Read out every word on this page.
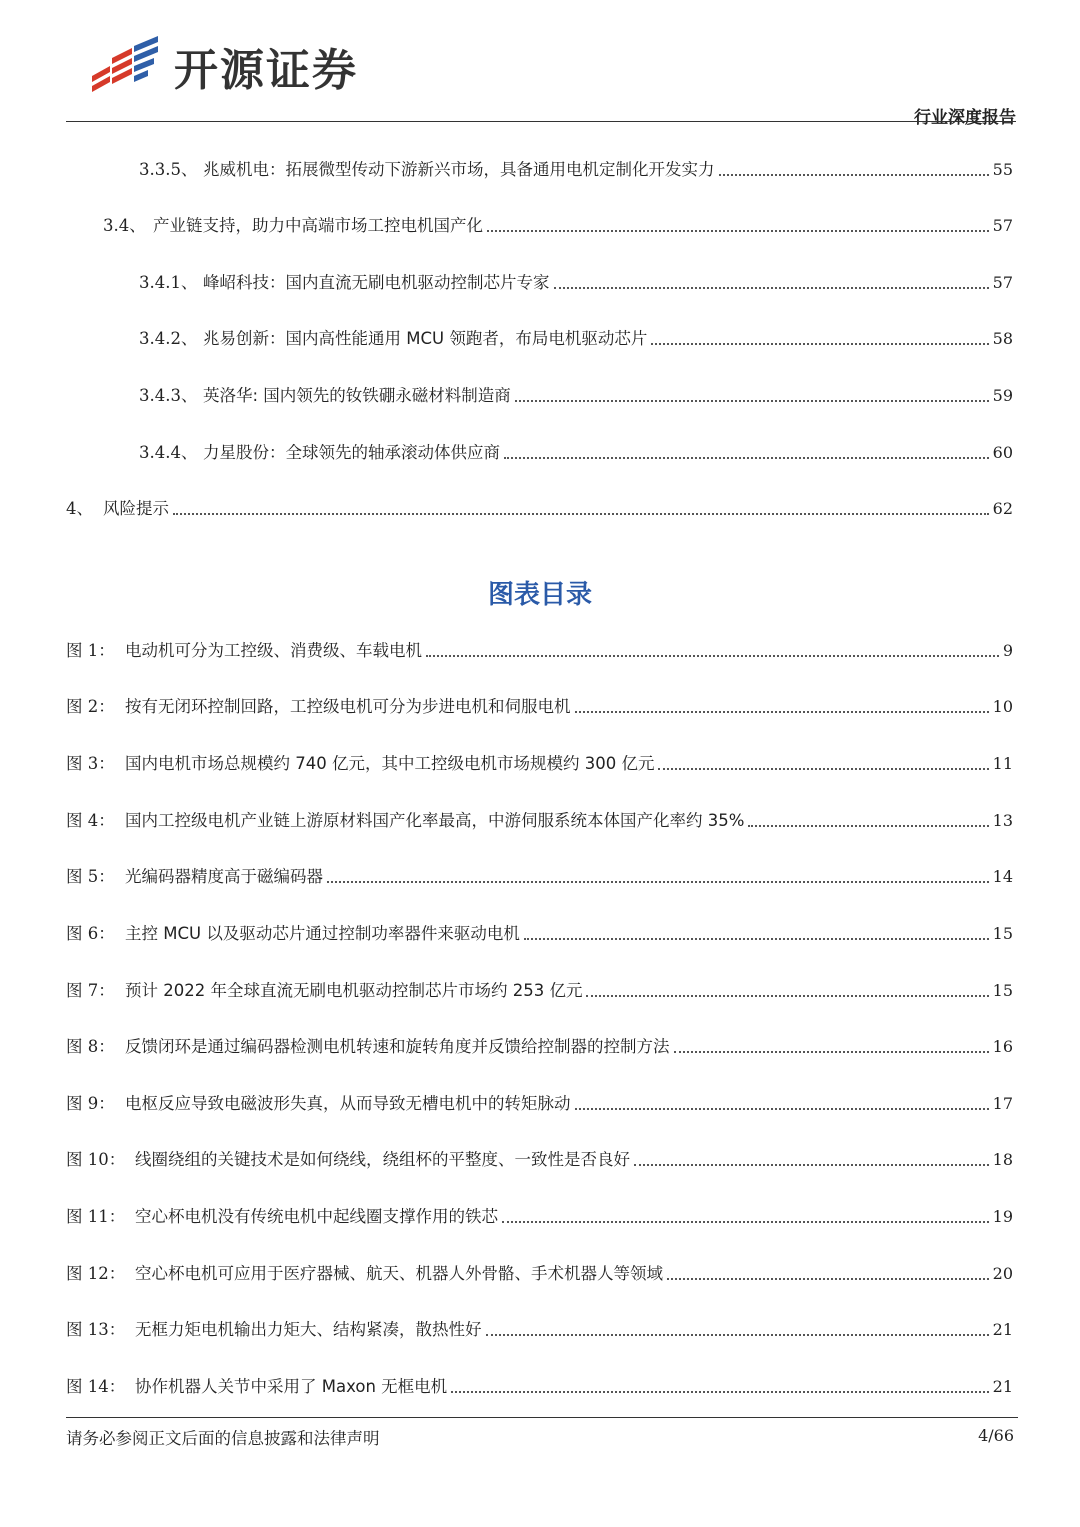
开源证券
行业深度报告
3.3.5、 兆威机电：拓展微型传动下游新兴市场，具备通用电机定制化开发实力	55
3.4、 产业链支持，助力中高端市场工控电机国产化	57
3.4.1、 峰岹科技：国内直流无刷电机驱动控制芯片专家	57
3.4.2、 兆易创新：国内高性能通用 MCU 领跑者，布局电机驱动芯片	58
3.4.3、 英洛华: 国内领先的钕铁硼永磁材料制造商	59
3.4.4、 力星股份：全球领先的轴承滚动体供应商	60
4、 风险提示	62
图表目录
图 1： 电动机可分为工控级、消费级、车载电机	9
图 2： 按有无闭环控制回路，工控级电机可分为步进电机和伺服电机	10
图 3： 国内电机市场总规模约 740 亿元，其中工控级电机市场规模约 300 亿元	11
图 4： 国内工控级电机产业链上游原材料国产化率最高，中游伺服系统本体国产化率约 35%	13
图 5： 光编码器精度高于磁编码器	14
图 6： 主控 MCU 以及驱动芯片通过控制功率器件来驱动电机	15
图 7： 预计 2022 年全球直流无刷电机驱动控制芯片市场约 253 亿元	15
图 8： 反馈闭环是通过编码器检测电机转速和旋转角度并反馈给控制器的控制方法	16
图 9： 电枢反应导致电磁波形失真，从而导致无槽电机中的转矩脉动	17
图 10： 线圈绕组的关键技术是如何绕线，绕组杯的平整度、一致性是否良好	18
图 11： 空心杯电机没有传统电机中起线圈支撑作用的铁芯	19
图 12： 空心杯电机可应用于医疗器械、航天、机器人外骨骼、手术机器人等领域	20
图 13： 无框力矩电机输出力矩大、结构紧凑，散热性好	21
图 14： 协作机器人关节中采用了 Maxon 无框电机	21
请务必参阅正文后面的信息披露和法律声明	4/66
